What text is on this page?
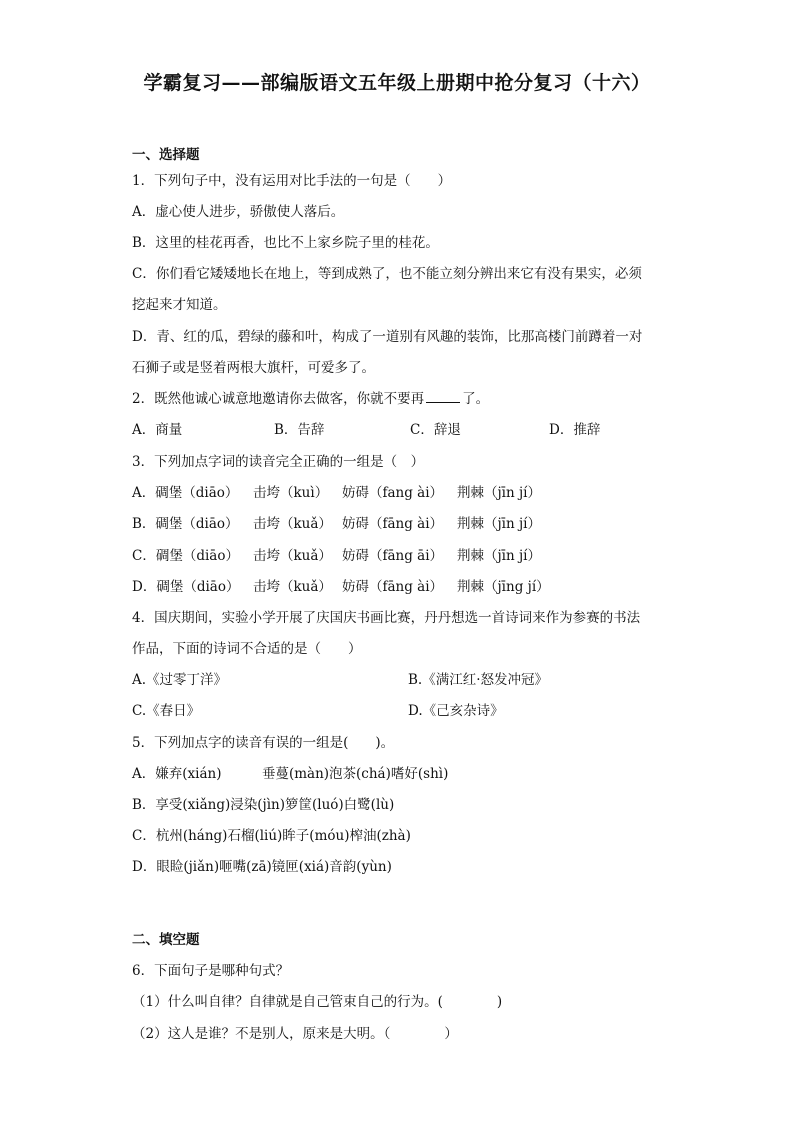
学霸复习——部编版语文五年级上册期中抢分复习（十六）
一、选择题
1．下列句子中，没有运用对比手法的一句是（　　）
A．虚心使人进步，骄傲使人落后。
B．这里的桂花再香，也比不上家乡院子里的桂花。
C．你们看它矮矮地长在地上，等到成熟了，也不能立刻分辨出来它有没有果实，必须
挖起来才知道。
D．青、红的瓜，碧绿的藤和叶，构成了一道别有风趣的装饰，比那高楼门前蹲着一对
石狮子或是竖着两根大旗杆，可爱多了。
2．既然他诚心诚意地邀请你去做客，你就不要再	了。
A．商量	B．告辞	C．辞退	D．推辞
3．下列加点字词的读音完全正确的一组是（　）
A．碉堡（diāo） 击垮（kuì） 妨碍（fang ài） 荆棘（jīn jí）
B．碉堡（diāo） 击垮（kuǎ） 妨碍（fāng ài） 荆棘（jīn jí）
C．碉堡（diāo） 击垮（kuǎ） 妨碍（fāng āi） 荆棘（jīn jí）
D．碉堡（diāo） 击垮（kuǎ） 妨碍（fāng ài） 荆棘（jīng jí）
4．国庆期间，实验小学开展了庆国庆书画比赛，丹丹想选一首诗词来作为参赛的书法
作品，下面的诗词不合适的是（　　）
A.《过零丁洋》	B.《满江红·怒发冲冠》
C.《春日》	D.《己亥杂诗》
5．下列加点字的读音有误的一组是(　　)。
A．嫌弃(xián)　　　垂蔓(màn)泡茶(chá)嗜好(shì)
B．享受(xiǎng)浸染(jìn)箩筐(luó)白鹭(lù)
C．杭州(háng)石榴(liú)眸子(móu)榨油(zhà)
D．眼睑(jiǎn)咂嘴(zā)镜匣(xiá)音韵(yùn)
二、填空题
6．下面句子是哪种句式？
（1）什么叫自律？自律就是自己管束自己的行为。(　　　　)
（2）这人是谁？不是别人，原来是大明。（　　　　）
